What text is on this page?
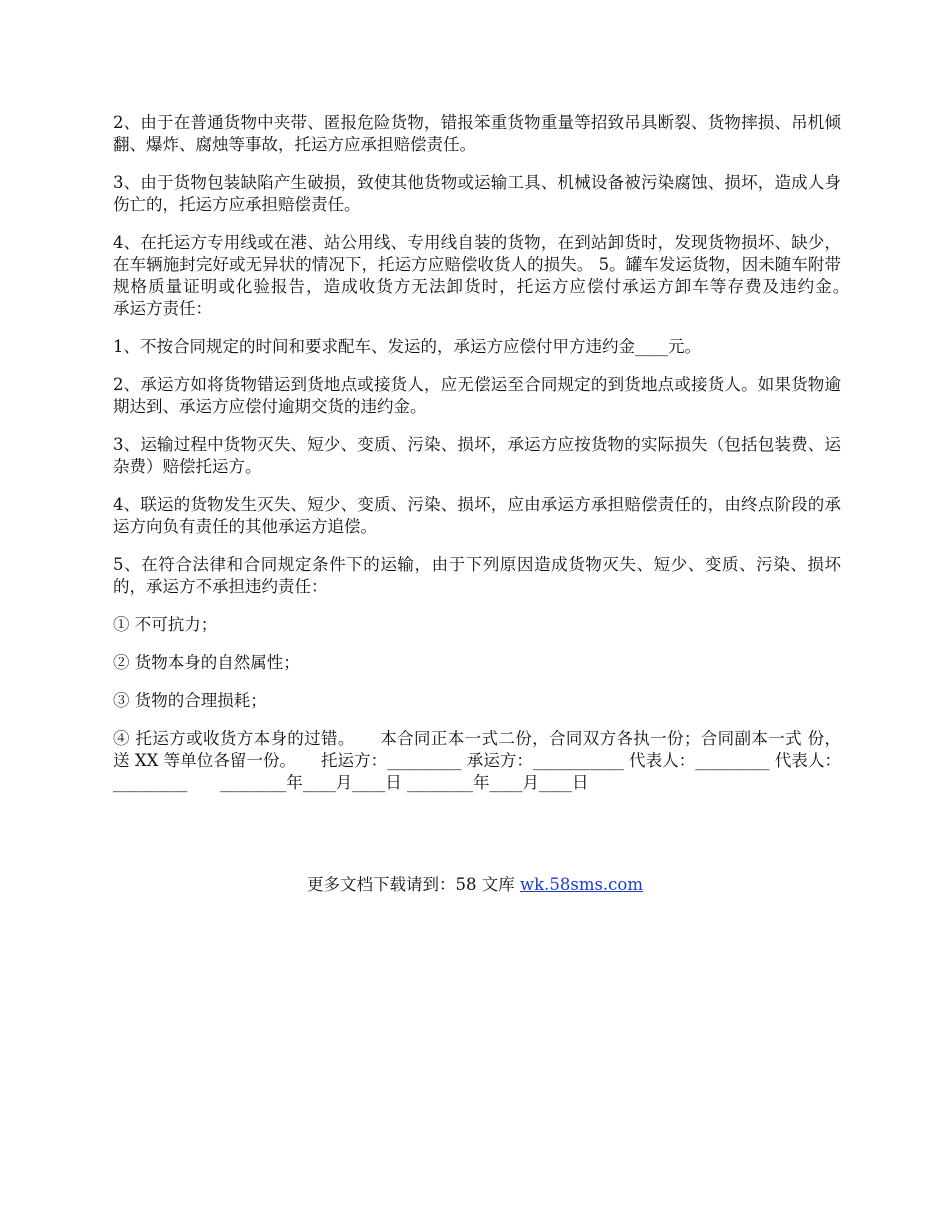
2、由于在普通货物中夹带、匿报危险货物，错报笨重货物重量等招致吊具断裂、货物摔损、吊机倾翻、爆炸、腐烛等事故，托运方应承担赔偿责任。

3、由于货物包装缺陷产生破损，致使其他货物或运输工具、机械设备被污染腐蚀、损坏，造成人身伤亡的，托运方应承担赔偿责任。

4、在托运方专用线或在港、站公用线、专用线自装的货物，在到站卸货时，发现货物损坏、缺少，在车辆施封完好或无异状的情况下，托运方应赔偿收货人的损失。 5。罐车发运货物，因未随车附带规格质量证明或化验报告，造成收货方无法卸货时，托运方应偿付承运方卸车等存费及违约金。　　承运方责任：

1、不按合同规定的时间和要求配车、发运的，承运方应偿付甲方违约金____元。

2、承运方如将货物错运到货地点或接货人，应无偿运至合同规定的到货地点或接货人。如果货物逾期达到、承运方应偿付逾期交货的违约金。

3、运输过程中货物灭失、短少、变质、污染、损坏，承运方应按货物的实际损失（包括包装费、运杂费）赔偿托运方。

4、联运的货物发生灭失、短少、变质、污染、损坏，应由承运方承担赔偿责任的，由终点阶段的承运方向负有责任的其他承运方追偿。

5、在符合法律和合同规定条件下的运输，由于下列原因造成货物灭失、短少、变质、污染、损坏的，承运方不承担违约责任：

① 不可抗力；

② 货物本身的自然属性；

③ 货物的合理损耗；

④ 托运方或收货方本身的过错。　　本合同正本一式二份，合同双方各执一份；合同副本一式 份，送 XX 等单位各留一份。　　托运方：_________ 承运方：___________ 代表人：_________ 代表人：_________　　________年____月____日 ________年____月____日

更多文档下载请到：58 文库 wk.58sms.com
